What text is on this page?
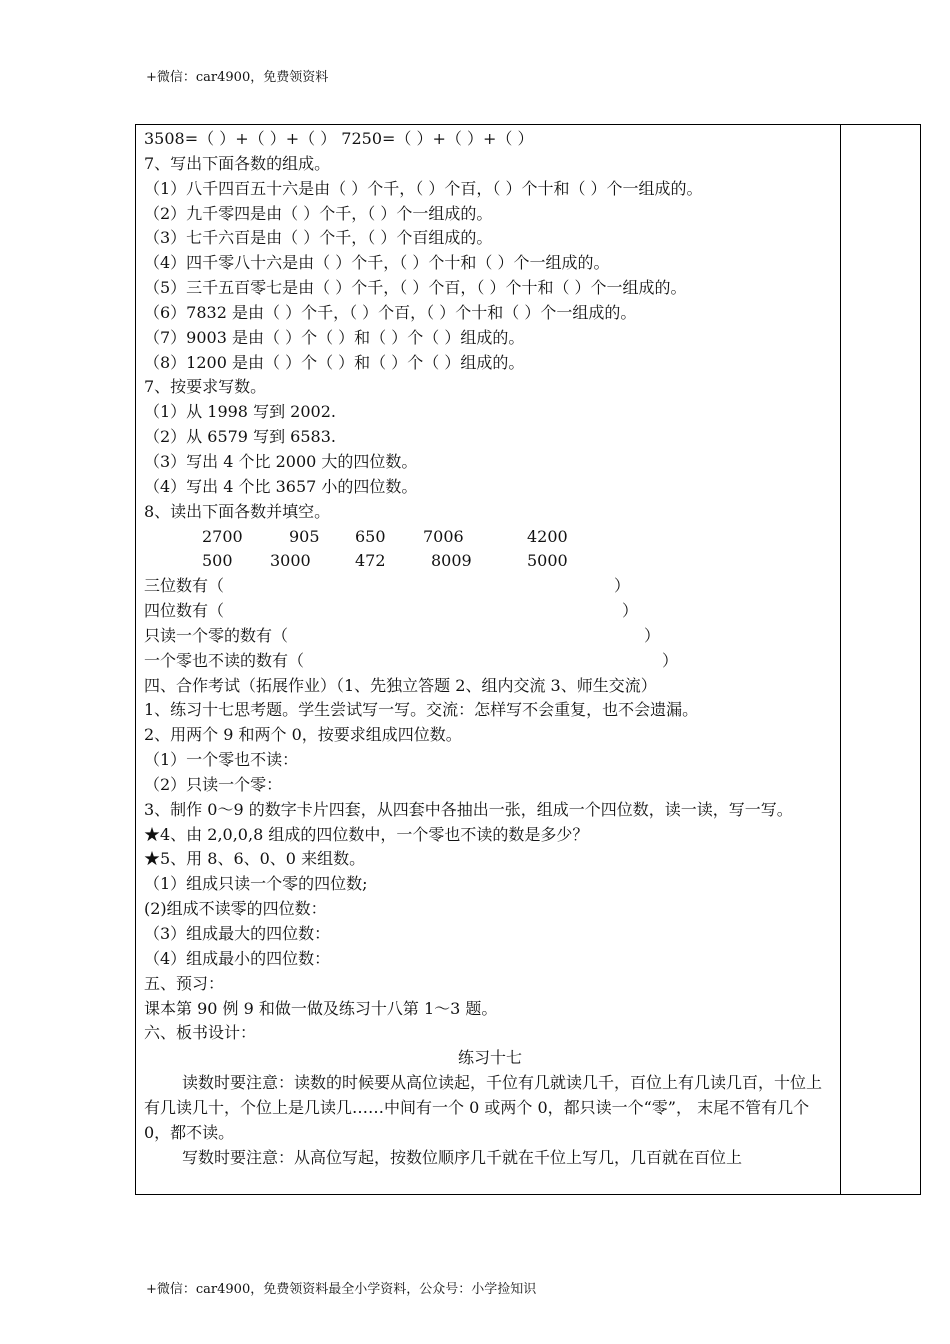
+微信：car4900，免费领资料
3508=（ ）+（ ）+（ ） 7250=（ ）+（ ）+（ ）
7、写出下面各数的组成。
（1）八千四百五十六是由（ ）个千，（ ）个百，（ ）个十和（ ）个一组成的。
（2）九千零四是由（ ）个千，（ ）个一组成的。
（3）七千六百是由（ ）个千，（ ）个百组成的。
（4）四千零八十六是由（ ）个千，（ ）个十和（ ）个一组成的。
（5）三千五百零七是由（ ）个千，（ ）个百，（ ）个十和（ ）个一组成的。
（6）7832 是由（ ）个千，（ ）个百，（ ）个十和（ ）个一组成的。
（7）9003 是由（ ）个（ ）和（ ）个（ ）组成的。
（8）1200 是由（ ）个（ ）和（ ）个（ ）组成的。
7、按要求写数。
（1）从 1998 写到 2002.
（2）从 6579 写到 6583.
（3）写出 4 个比 2000 大的四位数。
（4）写出 4 个比 3657 小的四位数。
8、读出下面各数并填空。
2700	905 650 7006	4200
500 3000	472	8009	5000
三位数有（	）
四位数有（	）
只读一个零的数有（	）
一个零也不读的数有（	）
四、合作考试（拓展作业）（1、先独立答题 2、组内交流 3、师生交流）
1、练习十七思考题。学生尝试写一写。交流：怎样写不会重复，也不会遗漏。
2、用两个 9 和两个 0，按要求组成四位数。
（1）一个零也不读：
（2）只读一个零：
3、制作 0～9 的数字卡片四套，从四套中各抽出一张，组成一个四位数，读一读，写一写。
★4、由 2,0,0,8 组成的四位数中，一个零也不读的数是多少？
★5、用 8、6、0、0 来组数。
（1）组成只读一个零的四位数;
(2)组成不读零的四位数：
（3）组成最大的四位数：
（4）组成最小的四位数：
五、预习：
课本第 90 例 9 和做一做及练习十八第 1～3 题。
六、板书设计：
练习十七
读数时要注意：读数的时候要从高位读起，千位有几就读几千，百位上有几读几百，十位上有几读几十，个位上是几读几……中间有一个 0 或两个 0，都只读一个“零”， 末尾不管有几个 0，都不读。
写数时要注意：从高位写起，按数位顺序几千就在千位上写几，几百就在百位上
+微信：car4900，免费领资料最全小学资料，公众号：小学捡知识
